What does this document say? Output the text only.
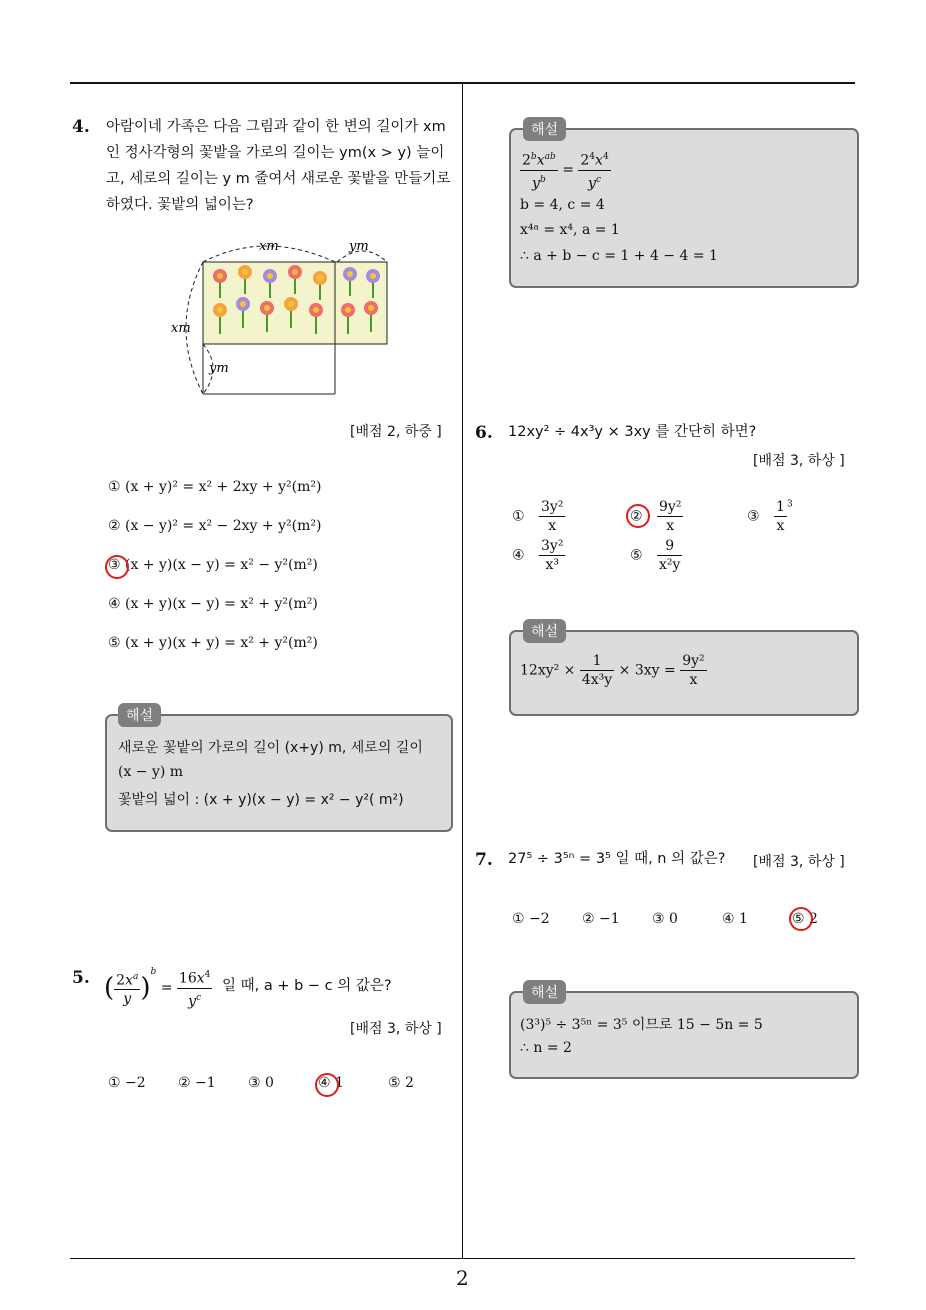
2
4. 아람이네 가족은 다음 그림과 같이 한 변의 길이가 xm
인 정사각형의 꽃밭을 가로의 길이는 ym(x > y) 늘이
고, 세로의 길이는 y m 줄여서 새로운 꽃밭을 만들기로
하였다. 꽃밭의 넓이는?
xm	ym
xm
ym
[배점 2, 하중 ]
① (x + y)² = x² + 2xy + y²(m²)
② (x − y)² = x² − 2xy + y²(m²)
③ (x + y)(x − y) = x² − y²(m²)
④ (x + y)(x − y) = x² + y²(m²)
⑤ (x + y)(x + y) = x² + y²(m²)
해설
새로운 꽃밭의 가로의 길이 (x+y) m, 세로의 길이
(x − y) m
꽃밭의 넓이 : (x + y)(x − y) = x² − y²( m²)
5. ( $\frac{2x^a}{y} )^b = \frac{16x^4}{y^c}$ 일 때, a + b − c 의 값은?
[배점 3, 하상 ]
① −2 ② −1 ③ 0	④ 1	⑤ 2
해설
$\frac{2^bx^{ab}}{y^b} = \frac{2^4x^4}{y^c}$
b = 4, c = 4
x⁴ᵃ = x⁴, a = 1
∴ a + b − c = 1 + 4 − 4 = 1
6. 12xy² ÷ 4x³y × 3xy 를 간단히 하면?
[배점 3, 하상 ]
① $\frac{\text{3y²}}{x}$	② $\frac{\text{9y²}}{x}$	③ $\frac{1}{x} ^3$
④ $\frac{\text{3y²}}{\text{x³}}$	⑤ $\frac{9}{\text{x²y}}$
해설
$12xy^2 \times \frac{1}{\text{4x³y}} \times 3xy = \frac{\text{9y²}}{x}$
7. 27⁵ ÷ 3⁵ⁿ = 3⁵ 일 때, n 의 값은? [배점 3, 하상 ]
① −2 ② −1 ③ 0	④ 1	⑤ 2
해설
(3³)⁵ ÷ 3⁵ⁿ = 3⁵ 이므로 15 − 5n = 5
∴ n = 2
